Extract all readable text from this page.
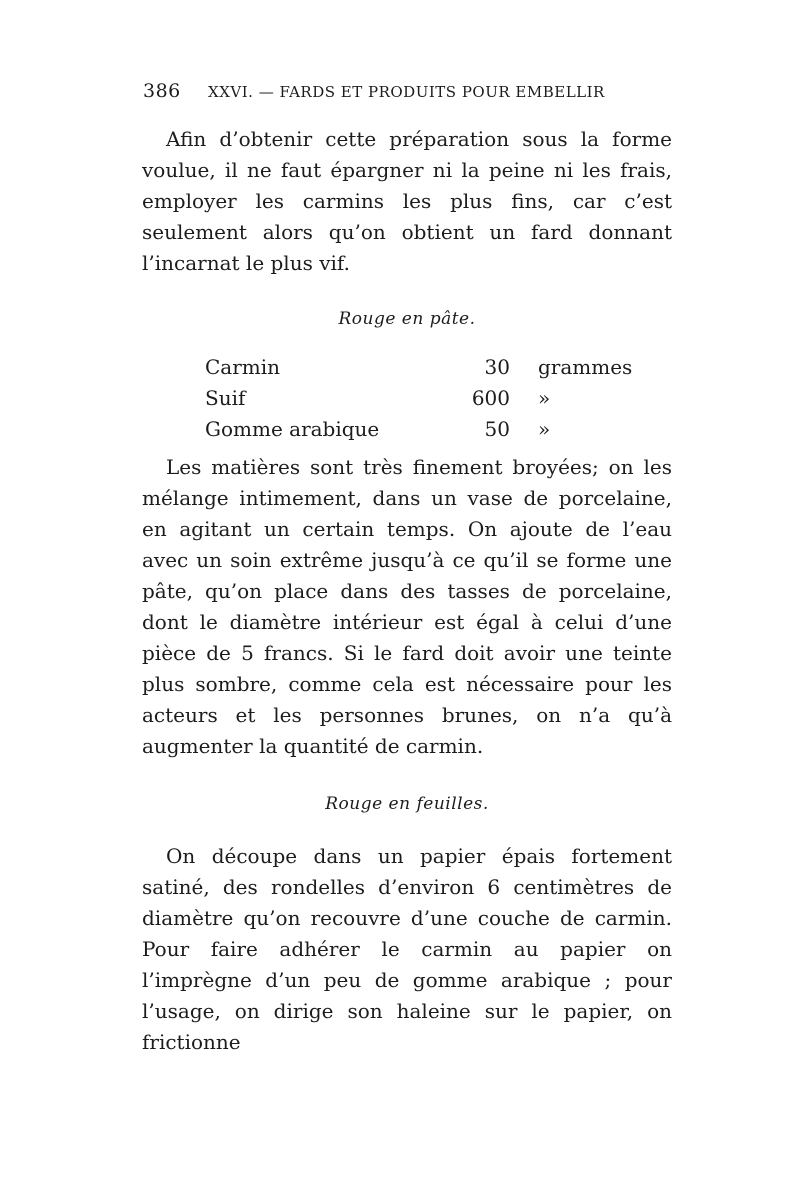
386 XXVI. — FARDS ET PRODUITS POUR EMBELLIR

Afin d’obtenir cette préparation sous la forme voulue, il ne faut épargner ni la peine ni les frais, employer les carmins les plus fins, car c’est seulement alors qu’on obtient un fard donnant l’incarnat le plus vif.

Rouge en pâte.
Carmin	30 grammes
Suif	600 »
Gomme arabique	50 »

Les matières sont très finement broyées; on les mélange intimement, dans un vase de porcelaine, en agitant un certain temps. On ajoute de l’eau avec un soin extrême jusqu’à ce qu’il se forme une pâte, qu’on place dans des tasses de porcelaine, dont le diamètre intérieur est égal à celui d’une pièce de 5 francs. Si le fard doit avoir une teinte plus sombre, comme cela est nécessaire pour les acteurs et les personnes brunes, on n’a qu’à augmenter la quantité de carmin.

Rouge en feuilles.

On découpe dans un papier épais fortement satiné, des rondelles d’environ 6 centimètres de diamètre qu’on recouvre d’une couche de carmin. Pour faire adhérer le carmin au papier on l’imprègne d’un peu de gomme arabique ; pour l’usage, on dirige son haleine sur le papier, on frictionne
